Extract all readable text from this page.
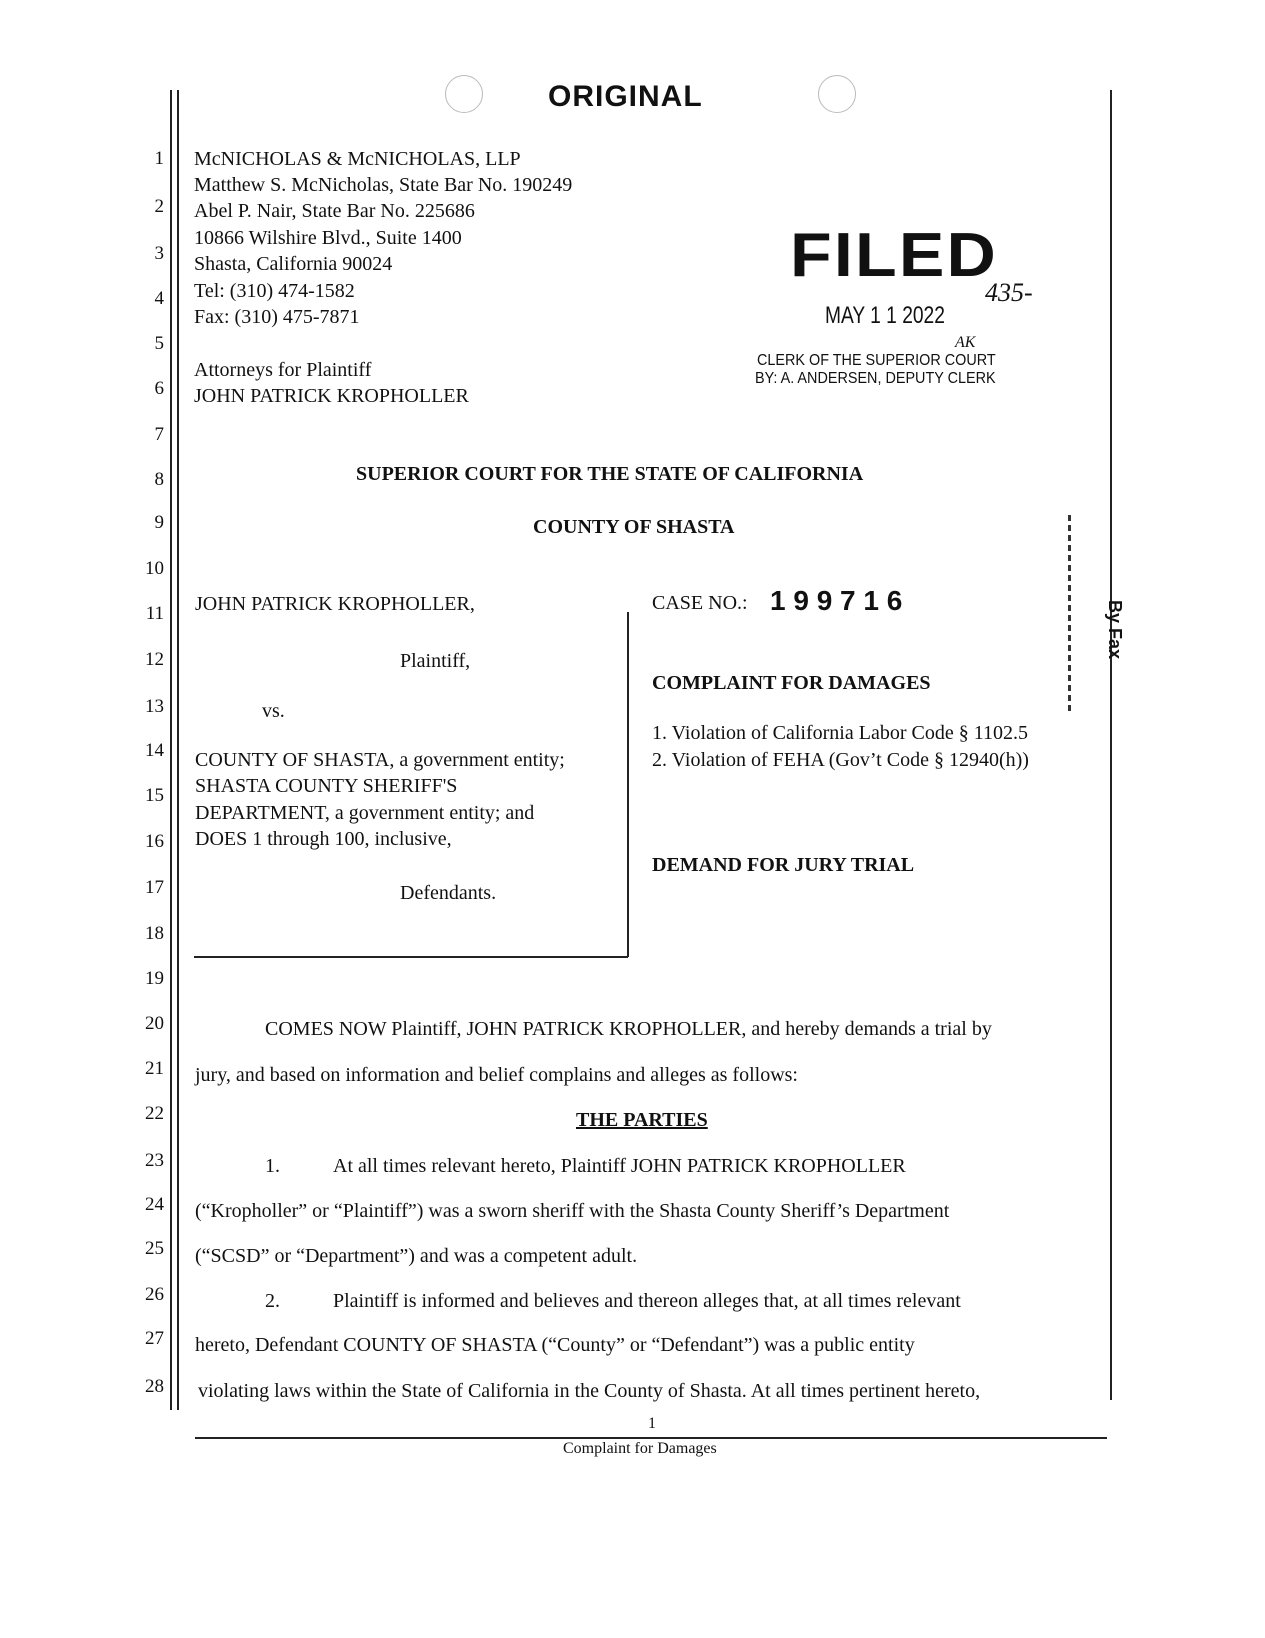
ORIGINAL
1
2
3
4
5
6
7
8
9
10
11
12
13
14
15
16
17
18
19
20
21
22
23
24
25
26
27
28
McNICHOLAS & McNICHOLAS, LLP
Matthew S. McNicholas, State Bar No. 190249
Abel P. Nair, State Bar No. 225686
10866 Wilshire Blvd., Suite 1400
Shasta, California 90024
Tel: (310) 474-1582
Fax: (310) 475-7871
Attorneys for Plaintiff
JOHN PATRICK KROPHOLLER
FILED
MAY 1 1 2022
435-
AK
CLERK OF THE SUPERIOR COURT
BY: A. ANDERSEN, DEPUTY CLERK
SUPERIOR COURT FOR THE STATE OF CALIFORNIA
COUNTY OF SHASTA
JOHN PATRICK KROPHOLLER,
Plaintiff,
vs.
COUNTY OF SHASTA, a government entity;
SHASTA COUNTY SHERIFF'S
DEPARTMENT, a government entity; and
DOES 1 through 100, inclusive,
Defendants.
CASE NO.: 1 9 9 7 1 6
COMPLAINT FOR DAMAGES
1. Violation of California Labor Code § 1102.5
2. Violation of FEHA (Gov’t Code § 12940(h))
DEMAND FOR JURY TRIAL
By Fax
COMES NOW Plaintiff, JOHN PATRICK KROPHOLLER, and hereby demands a trial by
jury, and based on information and belief complains and alleges as follows:
THE PARTIES
1.	At all times relevant hereto, Plaintiff JOHN PATRICK KROPHOLLER
(“Kropholler” or “Plaintiff”) was a sworn sheriff with the Shasta County Sheriff’s Department
(“SCSD” or “Department”) and was a competent adult.
2.	Plaintiff is informed and believes and thereon alleges that, at all times relevant
hereto, Defendant COUNTY OF SHASTA (“County” or “Defendant”) was a public entity
violating laws within the State of California in the County of Shasta. At all times pertinent hereto,
1
Complaint for Damages
